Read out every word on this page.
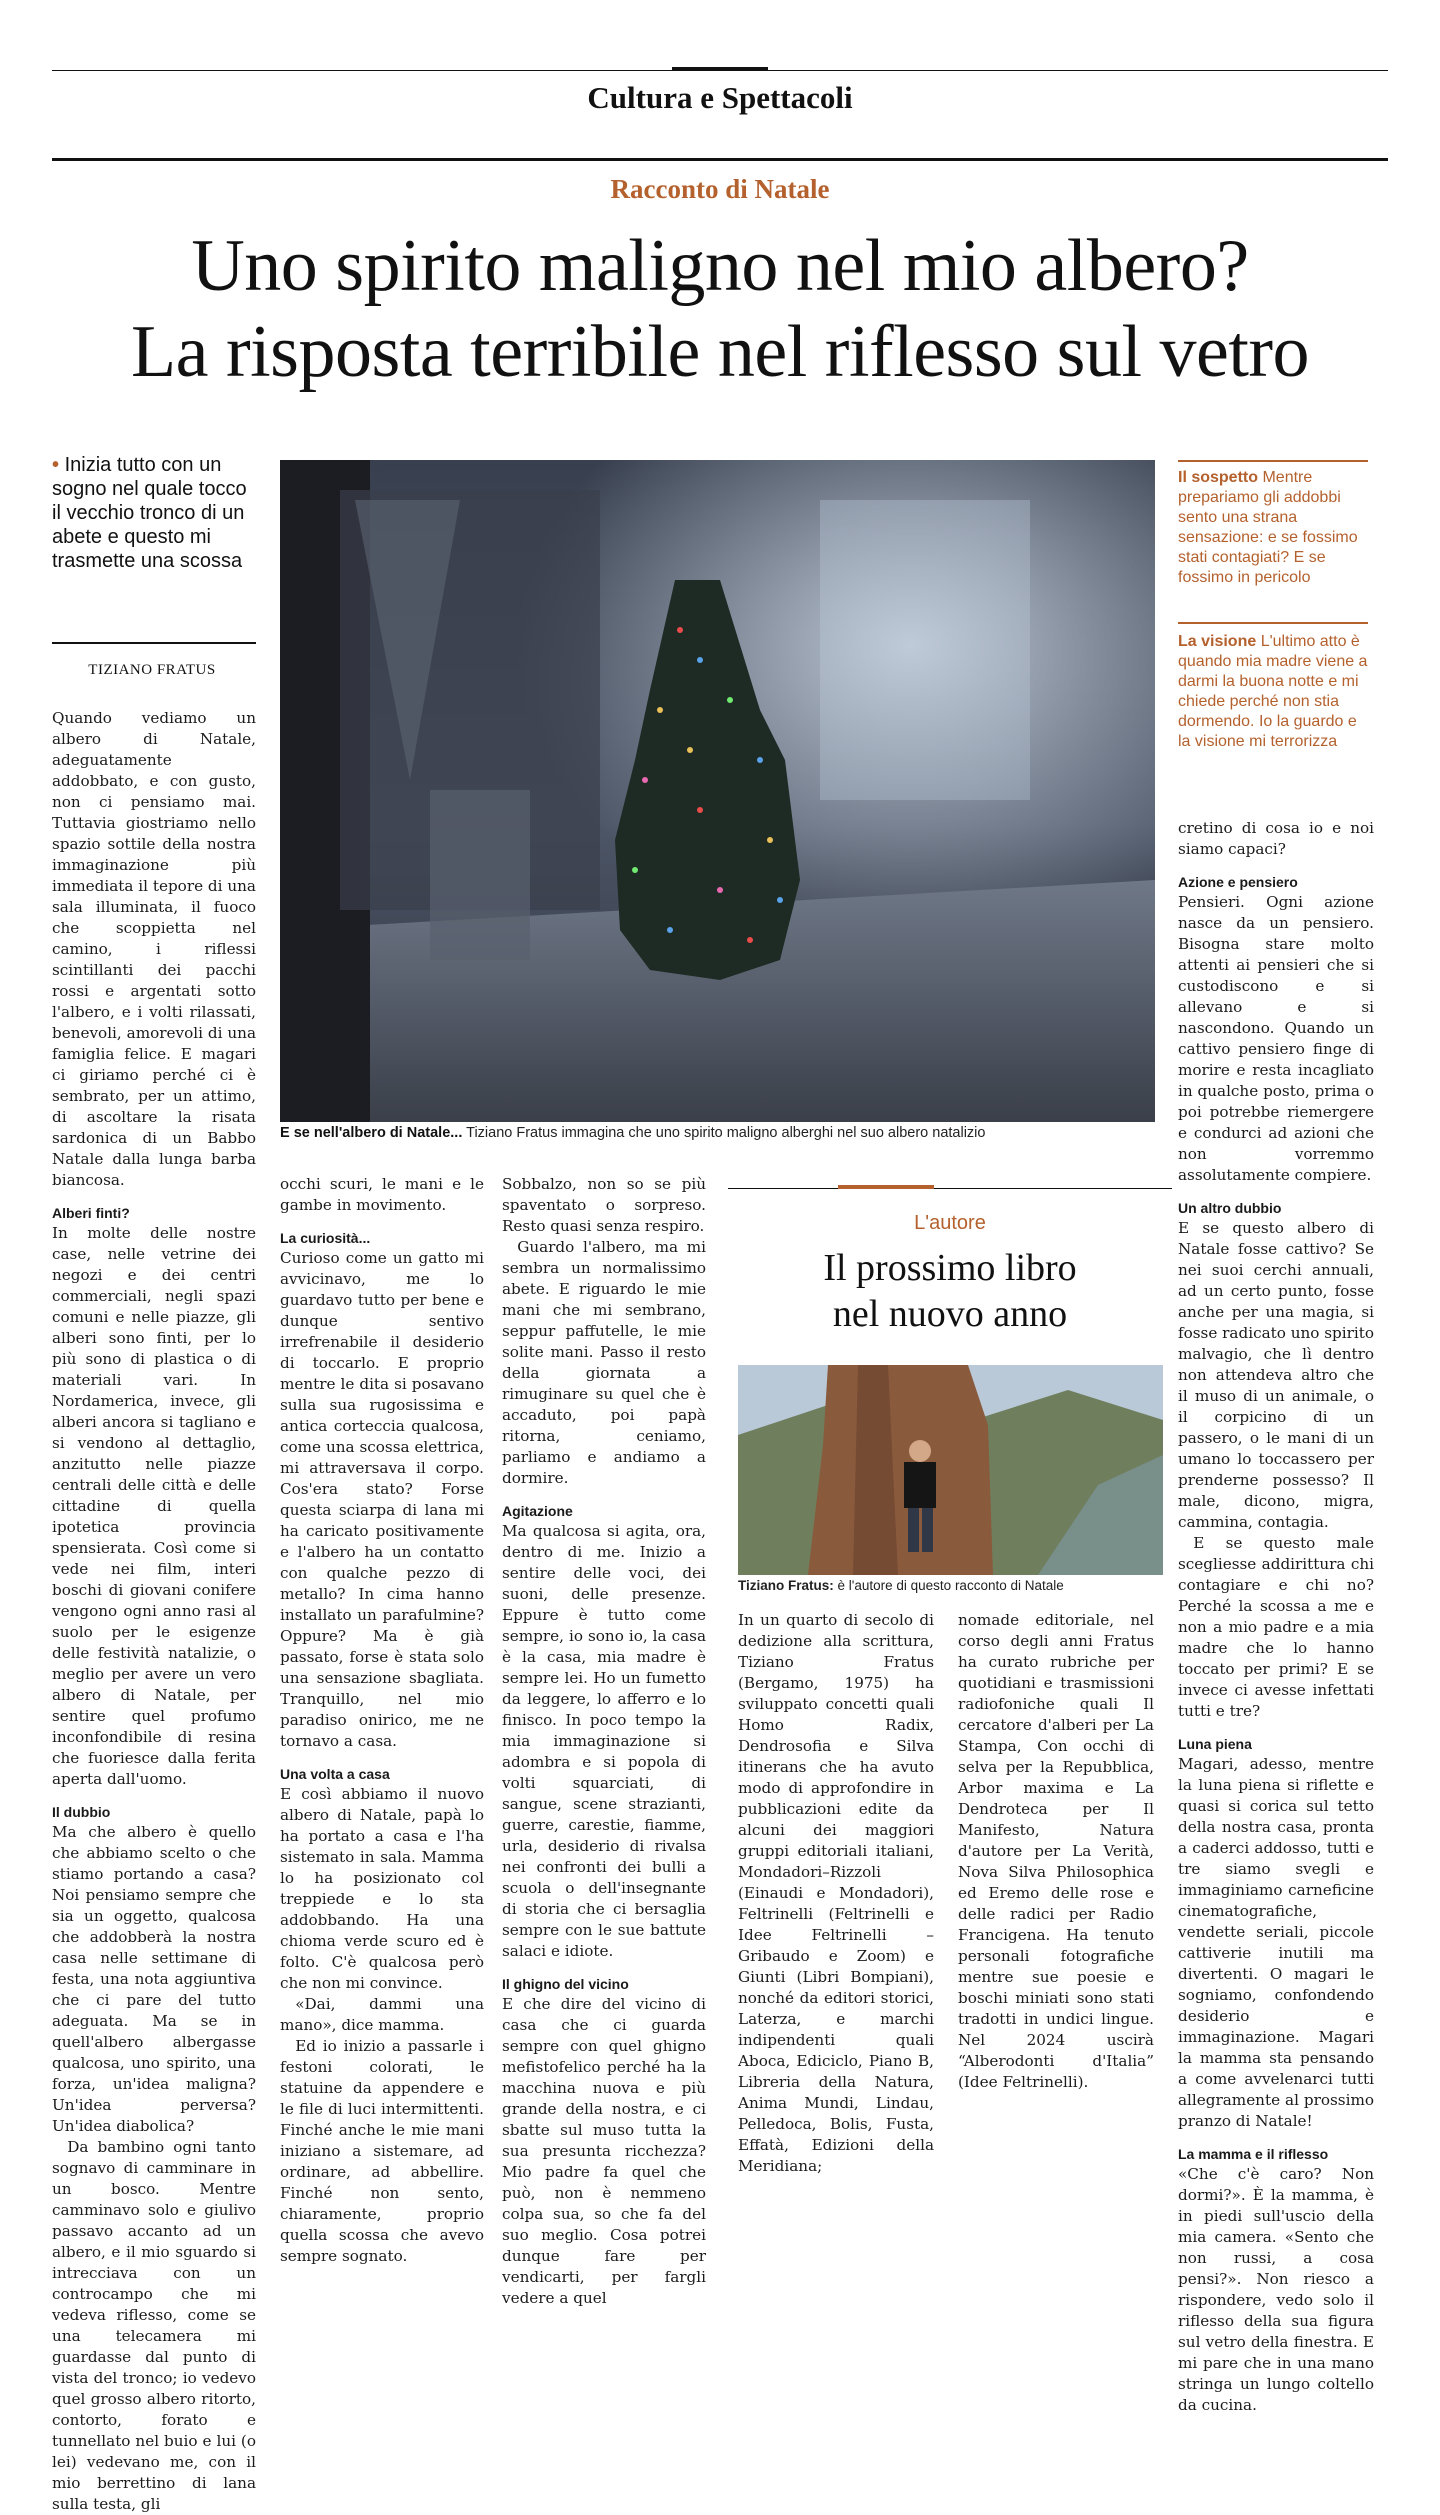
Cultura e Spettacoli
Racconto di Natale
Uno spirito maligno nel mio albero?
La risposta terribile nel riflesso sul vetro
• Inizia tutto con un sogno nel quale tocco il vecchio tronco di un abete e questo mi trasmette una scossa
TIZIANO FRATUS
E se nell'albero di Natale... Tiziano Fratus immagina che uno spirito maligno alberghi nel suo albero natalizio
Il sospetto Mentre prepariamo gli addobbi sento una strana sensazione: e se fossimo stati contagiati? E se fossimo in pericolo
La visione L'ultimo atto è quando mia madre viene a darmi la buona notte e mi chiede perché non stia dormendo. Io la guardo e la visione mi terrorizza

Quando vediamo un albero di Natale, adeguatamente addobbato, e con gusto, non ci pensiamo mai. Tuttavia giostriamo nello spazio sottile della nostra immaginazione più immediata il tepore di una sala illuminata, il fuoco che scoppietta nel camino, i riflessi scintillanti dei pacchi rossi e argentati sotto l'albero, e i volti rilassati, benevoli, amorevoli di una famiglia felice. E magari ci giriamo perché ci è sembrato, per un attimo, di ascoltare la risata sardonica di un Babbo Natale dalla lunga barba biancosa.

Alberi finti?

In molte delle nostre case, nelle vetrine dei negozi e dei centri commerciali, negli spazi comuni e nelle piazze, gli alberi sono finti, per lo più sono di plastica o di materiali vari. In Nordamerica, invece, gli alberi ancora si tagliano e si vendono al dettaglio, anzitutto nelle piazze centrali delle città e delle cittadine di quella ipotetica provincia spensierata. Così come si vede nei film, interi boschi di giovani conifere vengono ogni anno rasi al suolo per le esigenze delle festività natalizie, o meglio per avere un vero albero di Natale, per sentire quel profumo inconfondibile di resina che fuoriesce dalla ferita aperta dall'uomo.

Il dubbio

Ma che albero è quello che abbiamo scelto o che stiamo portando a casa? Noi pensiamo sempre che sia un oggetto, qualcosa che addobberà la nostra casa nelle settimane di festa, una nota aggiuntiva che ci pare del tutto adeguata. Ma se in quell'albero albergasse qualcosa, uno spirito, una forza, un'idea maligna? Un'idea perversa? Un'idea diabolica?

Da bambino ogni tanto sognavo di camminare in un bosco. Mentre camminavo solo e giulivo passavo accanto ad un albero, e il mio sguardo si intrecciava con un controcampo che mi vedeva riflesso, come se una telecamera mi guardasse dal punto di vista del tronco; io vedevo quel grosso albero ritorto, contorto, forato e tunnellato nel buio e lui (o lei) vedevano me, con il mio berrettino di lana sulla testa, gli

occhi scuri, le mani e le gambe in movimento.

La curiosità...

Curioso come un gatto mi avvicinavo, me lo guardavo tutto per bene e dunque sentivo irrefrenabile il desiderio di toccarlo. E proprio mentre le dita si posavano sulla sua rugosissima e antica corteccia qualcosa, come una scossa elettrica, mi attraversava il corpo. Cos'era stato? Forse questa sciarpa di lana mi ha caricato positivamente e l'albero ha un contatto con qualche pezzo di metallo? In cima hanno installato un parafulmine? Oppure? Ma è già passato, forse è stata solo una sensazione sbagliata. Tranquillo, nel mio paradiso onirico, me ne tornavo a casa.

Una volta a casa

E così abbiamo il nuovo albero di Natale, papà lo ha portato a casa e l'ha sistemato in sala. Mamma lo ha posizionato col treppiede e lo sta addobbando. Ha una chioma verde scuro ed è folto. C'è qualcosa però che non mi convince.

«Dai, dammi una mano», dice mamma.

Ed io inizio a passarle i festoni colorati, le statuine da appendere e le file di luci intermittenti. Finché anche le mie mani iniziano a sistemare, ad ordinare, ad abbellire. Finché non sento, chiaramente, proprio quella scossa che avevo sempre sognato.

Sobbalzo, non so se più spaventato o sorpreso. Resto quasi senza respiro.

Guardo l'albero, ma mi sembra un normalissimo abete. E riguardo le mie mani che mi sembrano, seppur paffutelle, le mie solite mani. Passo il resto della giornata a rimuginare su quel che è accaduto, poi papà ritorna, ceniamo, parliamo e andiamo a dormire.

Agitazione

Ma qualcosa si agita, ora, dentro di me. Inizio a sentire delle voci, dei suoni, delle presenze. Eppure è tutto come sempre, io sono io, la casa è la casa, mia madre è sempre lei. Ho un fumetto da leggere, lo afferro e lo finisco. In poco tempo la mia immaginazione si adombra e si popola di volti squarciati, di sangue, scene strazianti, guerre, carestie, fiamme, urla, desiderio di rivalsa nei confronti dei bulli a scuola o dell'insegnante di storia che ci bersaglia sempre con le sue battute salaci e idiote.

Il ghigno del vicino

E che dire del vicino di casa che ci guarda sempre con quel ghigno mefistofelico perché ha la macchina nuova e più grande della nostra, e ci sbatte sul muso tutta la sua presunta ricchezza? Mio padre fa quel che può, non è nemmeno colpa sua, so che fa del suo meglio. Cosa potrei dunque fare per vendicarti, per fargli vedere a quel

L'autore
Il prossimo libro
nel nuovo anno
Tiziano Fratus: è l'autore di questo racconto di Natale

In un quarto di secolo di dedizione alla scrittura, Tiziano Fratus (Bergamo, 1975) ha sviluppato concetti quali Homo Radix, Dendrosofia e Silva itinerans che ha avuto modo di approfondire in pubblicazioni edite da alcuni dei maggiori gruppi editoriali italiani, Mondadori–Rizzoli (Einaudi e Mondadori), Feltrinelli (Feltrinelli e Idee Feltrinelli – Gribaudo e Zoom) e Giunti (Libri Bompiani), nonché da editori storici, Laterza, e marchi indipendenti quali Aboca, Ediciclo, Piano B, Libreria della Natura, Anima Mundi, Lindau, Pelledoca, Bolis, Fusta, Effatà, Edizioni della Meridiana;

nomade editoriale, nel corso degli anni Fratus ha curato rubriche per quotidiani e trasmissioni radiofoniche quali Il cercatore d'alberi per La Stampa, Con occhi di selva per la Repubblica, Arbor maxima e La Dendroteca per Il Manifesto, Natura d'autore per La Verità, Nova Silva Philosophica ed Eremo delle rose e delle radici per Radio Francigena. Ha tenuto personali fotografiche mentre sue poesie e boschi miniati sono stati tradotti in undici lingue. Nel 2024 uscirà “Alberodonti d'Italia” (Idee Feltrinelli).

cretino di cosa io e noi siamo capaci?

Azione e pensiero

Pensieri. Ogni azione nasce da un pensiero. Bisogna stare molto attenti ai pensieri che si custodiscono e si allevano e si nascondono. Quando un cattivo pensiero finge di morire e resta incagliato in qualche posto, prima o poi potrebbe riemergere e condurci ad azioni che non vorremmo assolutamente compiere.

Un altro dubbio

E se questo albero di Natale fosse cattivo? Se nei suoi cerchi annuali, ad un certo punto, fosse anche per una magia, si fosse radicato uno spirito malvagio, che lì dentro non attendeva altro che il muso di un animale, o il corpicino di un passero, o le mani di un umano lo toccassero per prenderne possesso? Il male, dicono, migra, cammina, contagia.

E se questo male scegliesse addirittura chi contagiare e chi no? Perché la scossa a me e non a mio padre e a mia madre che lo hanno toccato per primi? E se invece ci avesse infettati tutti e tre?

Luna piena

Magari, adesso, mentre la luna piena si riflette e quasi si corica sul tetto della nostra casa, pronta a caderci addosso, tutti e tre siamo svegli e immaginiamo carneficine cinematografiche, vendette seriali, piccole cattiverie inutili ma divertenti. O magari le sogniamo, confondendo desiderio e immaginazione. Magari la mamma sta pensando a come avvelenarci tutti allegramente al prossimo pranzo di Natale!

La mamma e il riflesso

«Che c'è caro? Non dormi?». È la mamma, è in piedi sull'uscio della mia camera. «Sento che non russi, a cosa pensi?». Non riesco a rispondere, vedo solo il riflesso della sua figura sul vetro della finestra. E mi pare che in una mano stringa un lungo coltello da cucina.
